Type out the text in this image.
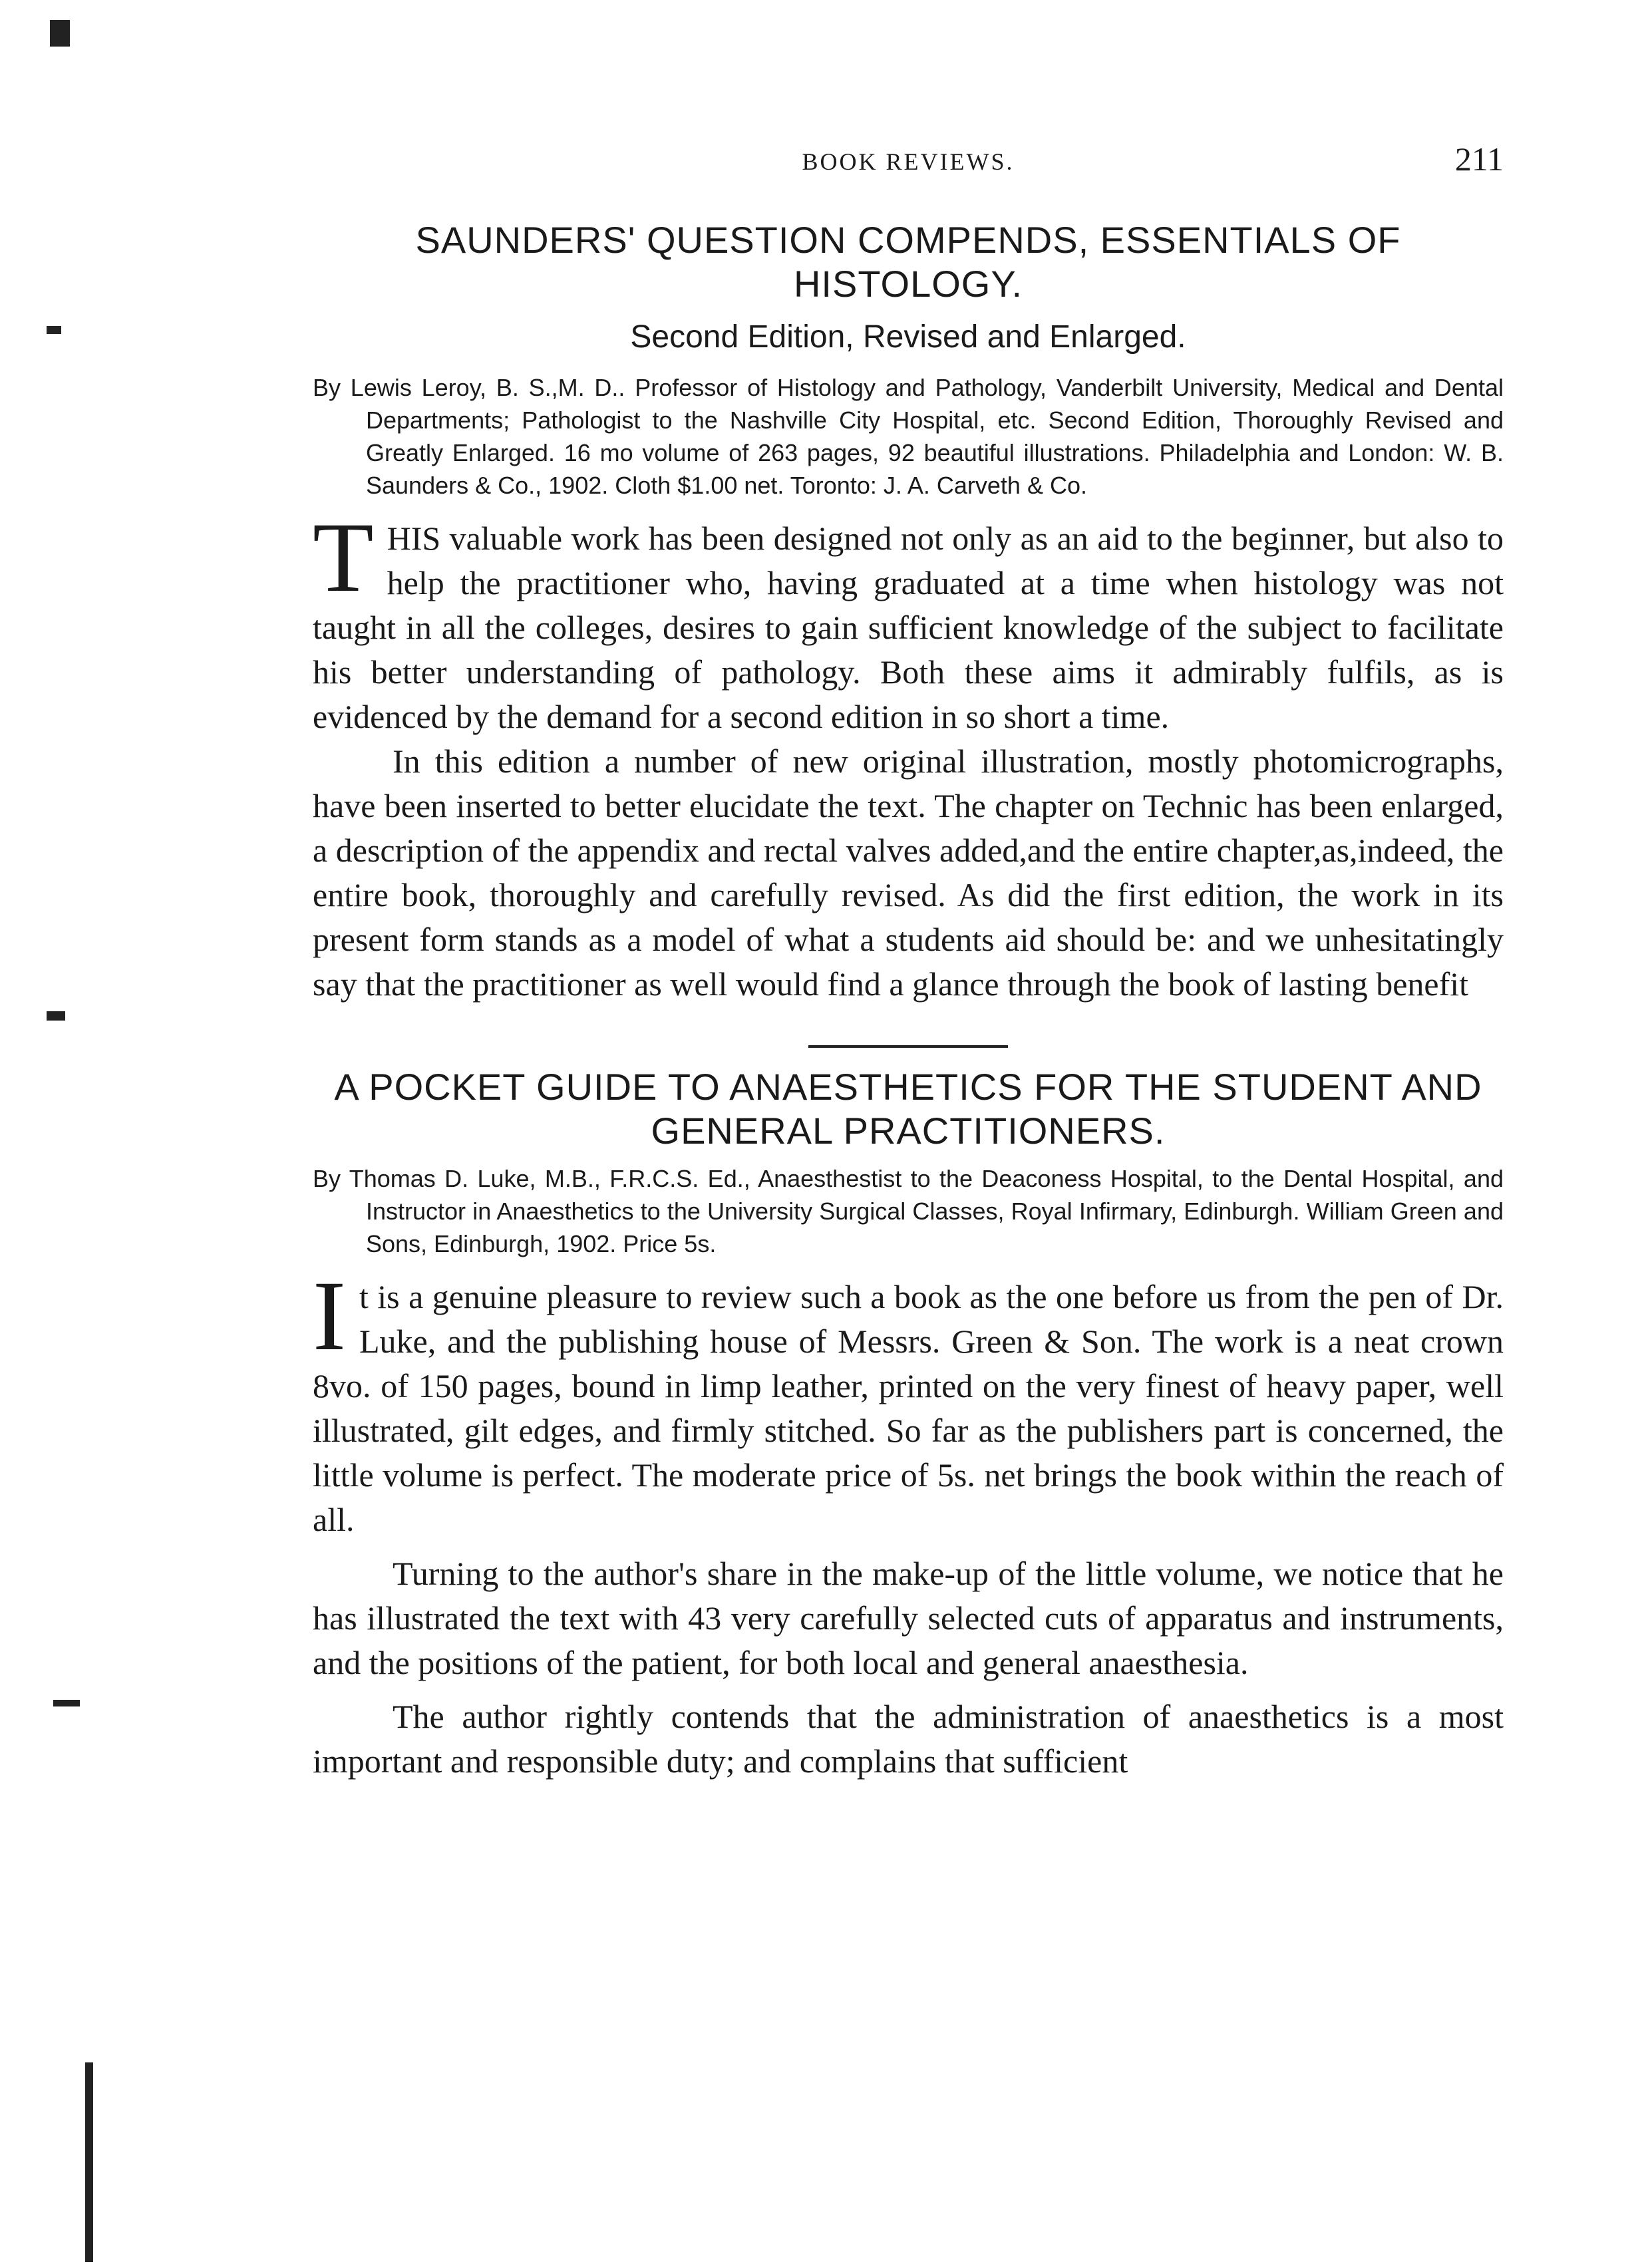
BOOK REVIEWS.	211
SAUNDERS' QUESTION COMPENDS, ESSENTIALS OF HISTOLOGY.
Second Edition, Revised and Enlarged.

By Lewis Leroy, B. S.,M. D.. Professor of Histology and Pathology, Vanderbilt University, Medical and Dental Departments; Pathologist to the Nashville City Hospital, etc. Second Edition, Thoroughly Revised and Greatly Enlarged. 16 mo volume of 263 pages, 92 beautiful illustrations. Philadelphia and London: W. B. Saunders & Co., 1902. Cloth $1.00 net. Toronto: J. A. Carveth & Co.

T HIS valuable work has been designed not only as an aid to the beginner, but also to help the practitioner who, having graduated at a time when histology was not taught in all the colleges, desires to gain sufficient knowledge of the subject to facilitate his better understanding of pathology. Both these aims it admirably fulfils, as is evidenced by the demand for a second edition in so short a time.

In this edition a number of new original illustration, mostly photomicrographs, have been inserted to better elucidate the text. The chapter on Technic has been enlarged, a description of the appendix and rectal valves added,and the entire chapter,as,indeed, the entire book, thoroughly and carefully revised. As did the first edition, the work in its present form stands as a model of what a students aid should be: and we unhesitatingly say that the practitioner as well would find a glance through the book of lasting benefit

A POCKET GUIDE TO ANAESTHETICS FOR THE STUDENT AND GENERAL PRACTITIONERS.

By Thomas D. Luke, M.B., F.R.C.S. Ed., Anaesthestist to the Deaconess Hospital, to the Dental Hospital, and Instructor in Anaesthetics to the University Surgical Classes, Royal Infirmary, Edinburgh. William Green and Sons, Edinburgh, 1902. Price 5s.

I t is a genuine pleasure to review such a book as the one before us from the pen of Dr. Luke, and the publishing house of Messrs. Green & Son. The work is a neat crown 8vo. of 150 pages, bound in limp leather, printed on the very finest of heavy paper, well illustrated, gilt edges, and firmly stitched. So far as the publishers part is concerned, the little volume is perfect. The moderate price of 5s. net brings the book within the reach of all.

Turning to the author's share in the make-up of the little volume, we notice that he has illustrated the text with 43 very carefully selected cuts of apparatus and instruments, and the positions of the patient, for both local and general anaesthesia.

The author rightly contends that the administration of anaesthetics is a most important and responsible duty; and complains that sufficient
